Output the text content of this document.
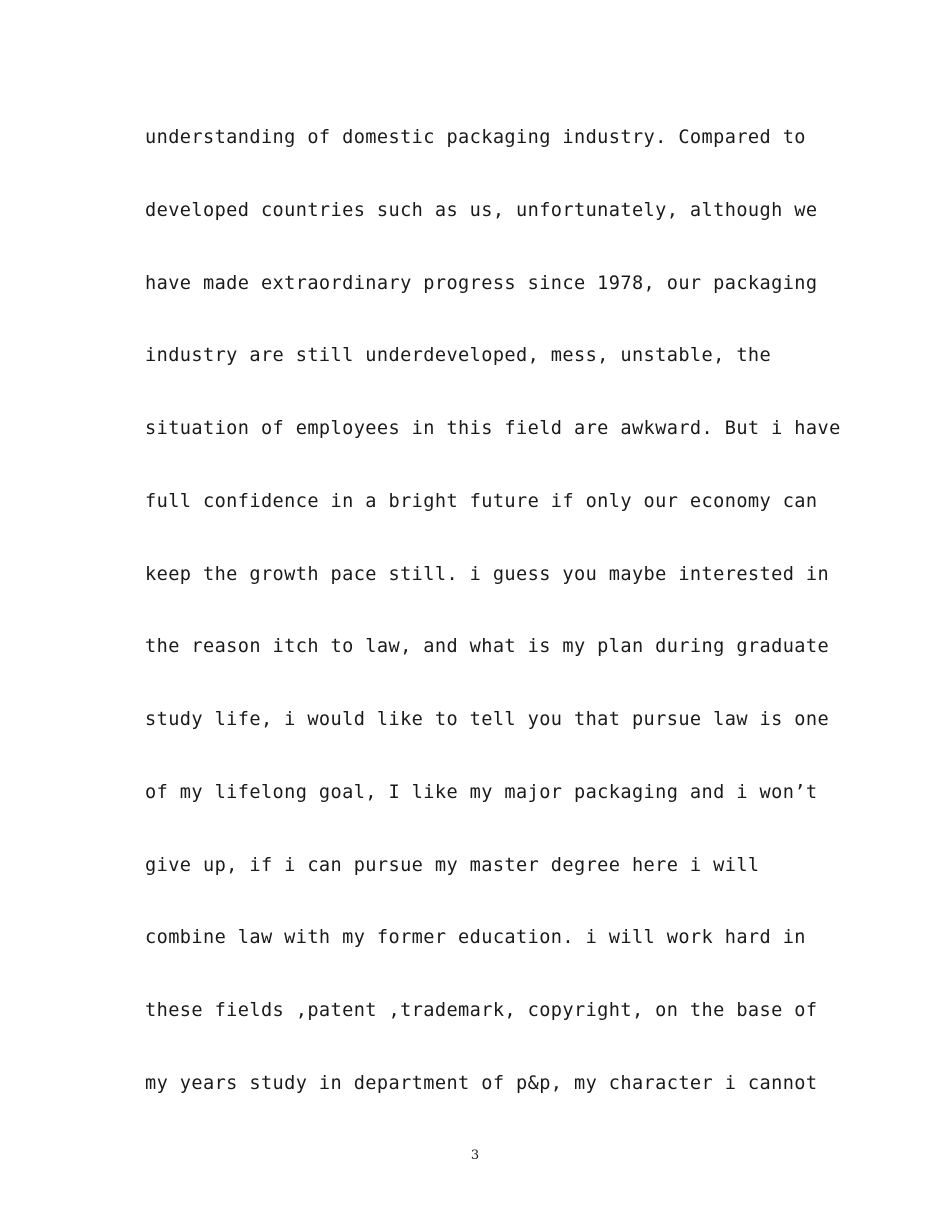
understanding of domestic packaging industry. Compared to
developed countries such as us, unfortunately, although we
have made extraordinary progress since 1978, our packaging
industry are still underdeveloped, mess, unstable, the
situation of employees in this field are awkward. But i have
full confidence in a bright future if only our economy can
keep the growth pace still. i guess you maybe interested in
the reason itch to law, and what is my plan during graduate
study life, i would like to tell you that pursue law is one
of my lifelong goal, I like my major packaging and i won’t
give up, if i can pursue my master degree here i will
combine law with my former education. i will work hard in
these fields ,patent ,trademark, copyright, on the base of
my years study in department of p&p, my character i cannot
3
